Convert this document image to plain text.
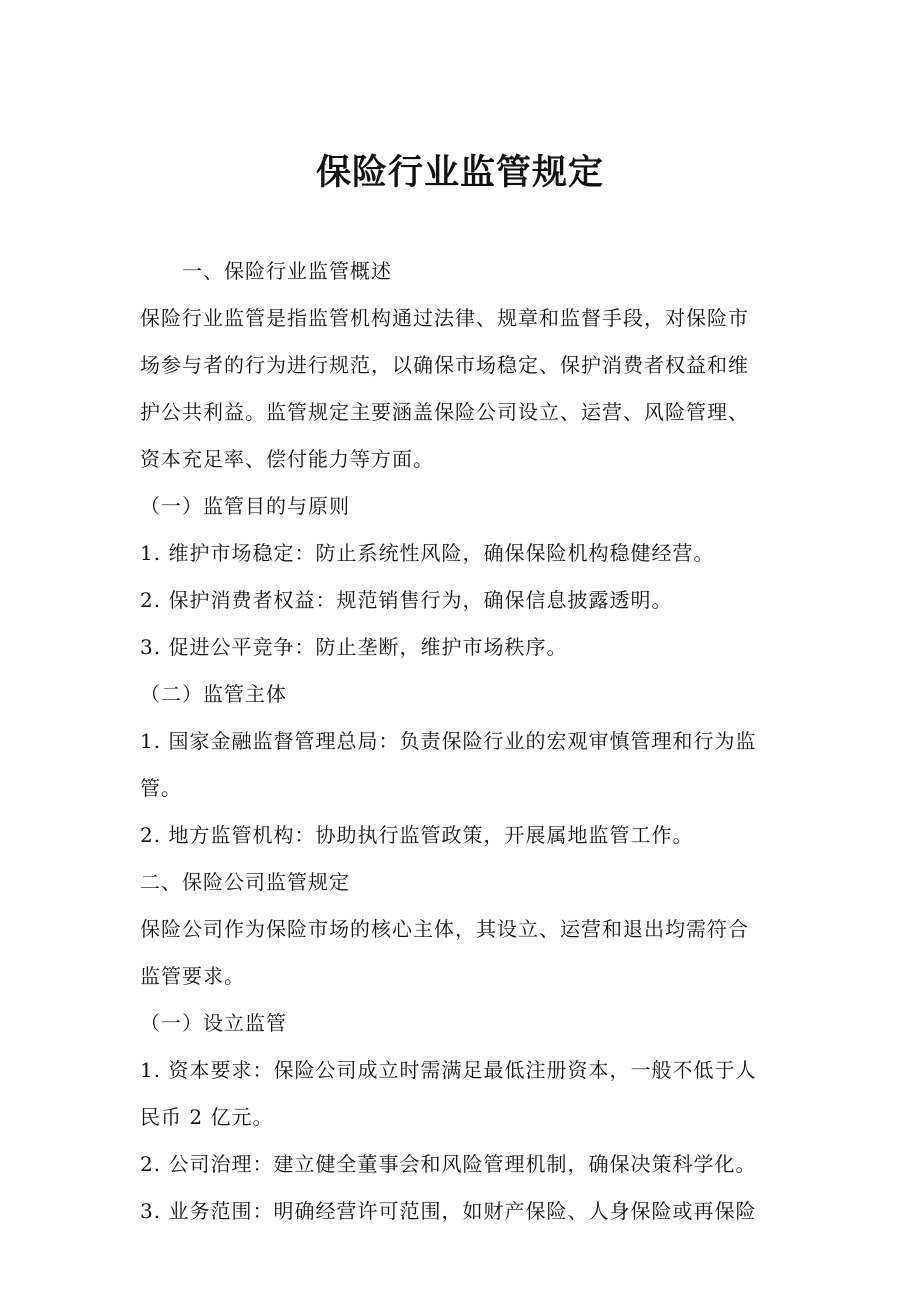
保险行业监管规定

一、保险行业监管概述

保险行业监管是指监管机构通过法律、规章和监督手段，对保险市

场参与者的行为进行规范，以确保市场稳定、保护消费者权益和维

护公共利益。监管规定主要涵盖保险公司设立、运营、风险管理、

资本充足率、偿付能力等方面。

（一）监管目的与原则

1. 维护市场稳定：防止系统性风险，确保保险机构稳健经营。

2. 保护消费者权益：规范销售行为，确保信息披露透明。

3. 促进公平竞争：防止垄断，维护市场秩序。

（二）监管主体

1. 国家金融监督管理总局：负责保险行业的宏观审慎管理和行为监

管。

2. 地方监管机构：协助执行监管政策，开展属地监管工作。

二、保险公司监管规定

保险公司作为保险市场的核心主体，其设立、运营和退出均需符合

监管要求。

（一）设立监管

1. 资本要求：保险公司成立时需满足最低注册资本，一般不低于人

民币 2 亿元。

2. 公司治理：建立健全董事会和风险管理机制，确保决策科学化。

3. 业务范围：明确经营许可范围，如财产保险、人身保险或再保险
